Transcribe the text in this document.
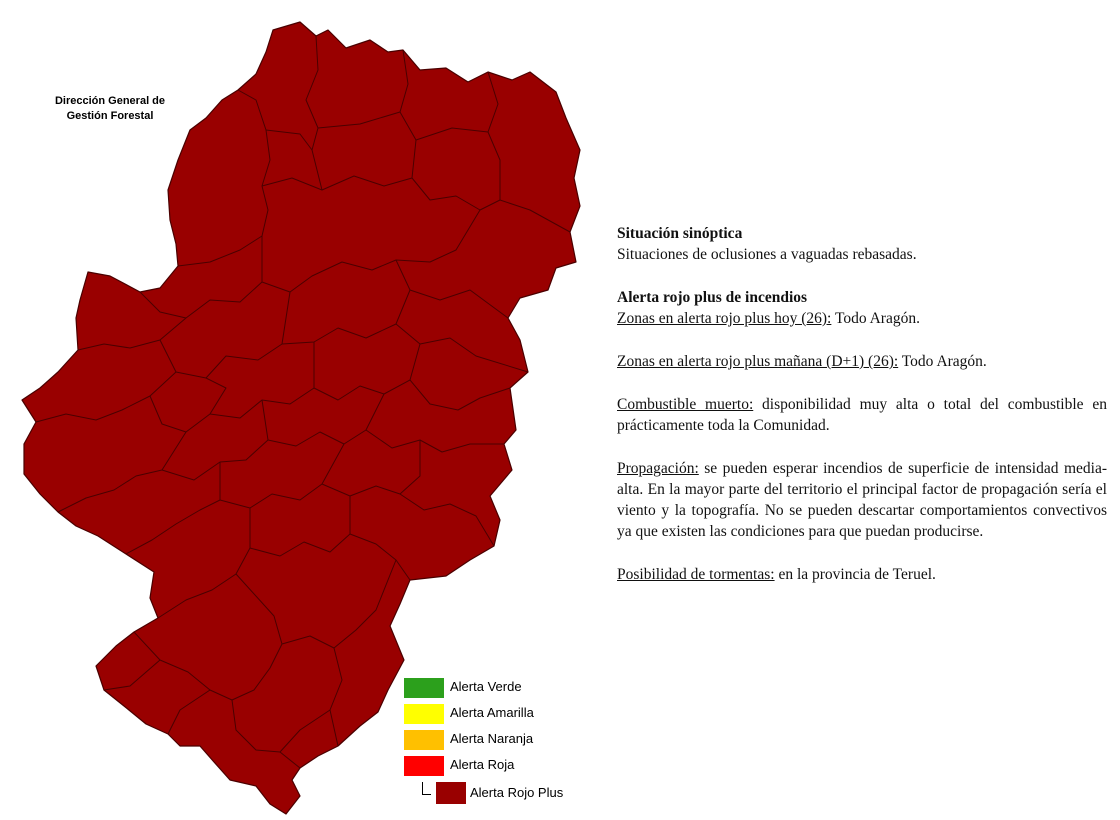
Dirección General de
Gestión Forestal
Alerta Verde
Alerta Amarilla
Alerta Naranja
Alerta Roja
Alerta Rojo Plus

Situación sinóptica

Situaciones de oclusiones a vaguadas rebasadas.

Alerta rojo plus de incendios

Zonas en alerta rojo plus hoy (26): Todo Aragón.

Zonas en alerta rojo plus mañana (D+1) (26): Todo Aragón.

Combustible muerto: disponibilidad muy alta o total del combustible en prácticamente toda la Comunidad.

Propagación: se pueden esperar incendios de superficie de intensidad media-alta. En la mayor parte del territorio el principal factor de propagación sería el viento y la topografía. No se pueden descartar comportamientos convectivos ya que existen las condiciones para que puedan producirse.

Posibilidad de tormentas: en la provincia de Teruel.
